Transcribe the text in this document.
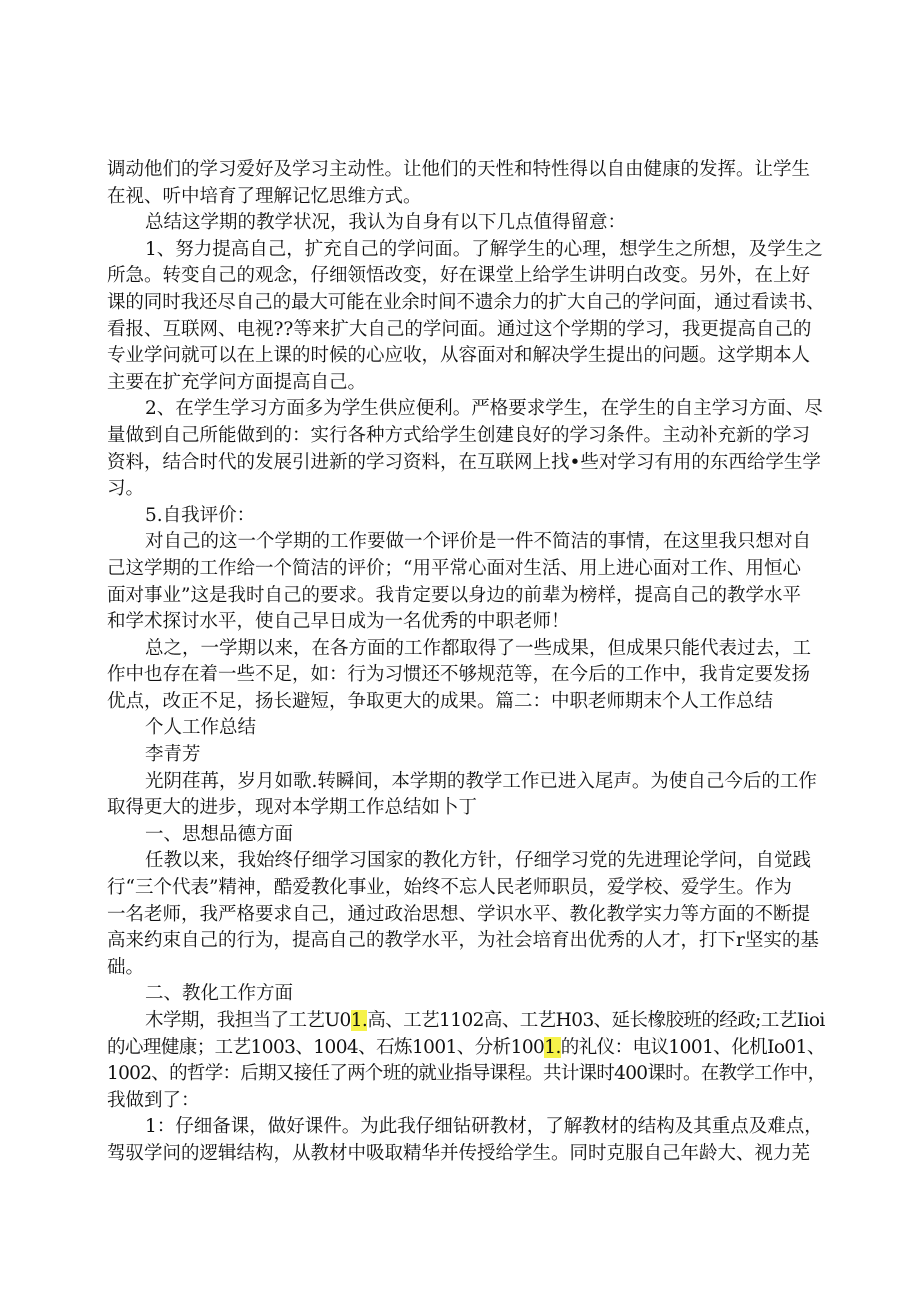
调动他们的学习爱好及学习主动性。让他们的天性和特性得以自由健康的发挥。让学生
在视、听中培育了理解记忆思维方式。
总结这学期的教学状况，我认为自身有以下几点值得留意：
1、努力提高自己，扩充自己的学问面。了解学生的心理，想学生之所想，及学生之
所急。转变自己的观念，仔细领悟改变，好在课堂上给学生讲明白改变。另外，在上好
课的同时我还尽自己的最大可能在业余时间不遗余力的扩大自己的学问面，通过看读书、
看报、互联网、电视??等来扩大自己的学问面。通过这个学期的学习，我更提高自己的
专业学问就可以在上课的时候的心应收，从容面对和解决学生提出的问题。这学期本人
主要在扩充学问方面提高自己。
2、在学生学习方面多为学生供应便利。严格要求学生，在学生的自主学习方面、尽
量做到自己所能做到的：实行各种方式给学生创建良好的学习条件。主动补充新的学习
资料，结合时代的发展引进新的学习资料，在互联网上找•些对学习有用的东西给学生学
习。
5.自我评价：
对自己的这一个学期的工作要做一个评价是一件不简洁的事情，在这里我只想对自
己这学期的工作给一个简洁的评价；“用平常心面对生活、用上进心面对工作、用恒心
面对事业”这是我时自己的要求。我肯定要以身边的前辈为榜样，提高自己的教学水平
和学术探讨水平，使自己早日成为一名优秀的中职老师！
总之，一学期以来，在各方面的工作都取得了一些成果，但成果只能代表过去，工
作中也存在着一些不足，如：行为习惯还不够规范等，在今后的工作中，我肯定要发扬
优点，改正不足，扬长避短，争取更大的成果。篇二：中职老师期末个人工作总结
个人工作总结
李青芳
光阴荏苒，岁月如歌.转瞬间，本学期的教学工作已进入尾声。为使自己今后的工作
取得更大的进步，现对本学期工作总结如卜丁
一、思想品德方面
任教以来，我始终仔细学习国家的教化方针，仔细学习党的先进理论学问，自觉践
行“三个代表”精神，酷爱教化事业，始终不忘人民老师职员，爱学校、爱学生。作为
一名老师，我严格要求自己，通过政治思想、学识水平、教化教学实力等方面的不断提
高来约束自己的行为，提高自己的教学水平，为社会培育出优秀的人才，打下r坚实的基
础。
二、教化工作方面
木学期，我担当了工艺U01.高、工艺1102高、工艺H03、延长橡胶班的经政;工艺Iioi
的心理健康；工艺1003、1004、石炼1001、分析1001.的礼仪：电议1001、化机Io01、
1002、的哲学：后期又接任了两个班的就业指导课程。共计课时400课时。在教学工作中，
我做到了：
1：仔细备课，做好课件。为此我仔细钻研教材，了解教材的结构及其重点及难点，
驾驭学问的逻辑结构，从教材中吸取精华并传授给学生。同时克服自己年龄大、视力芜
